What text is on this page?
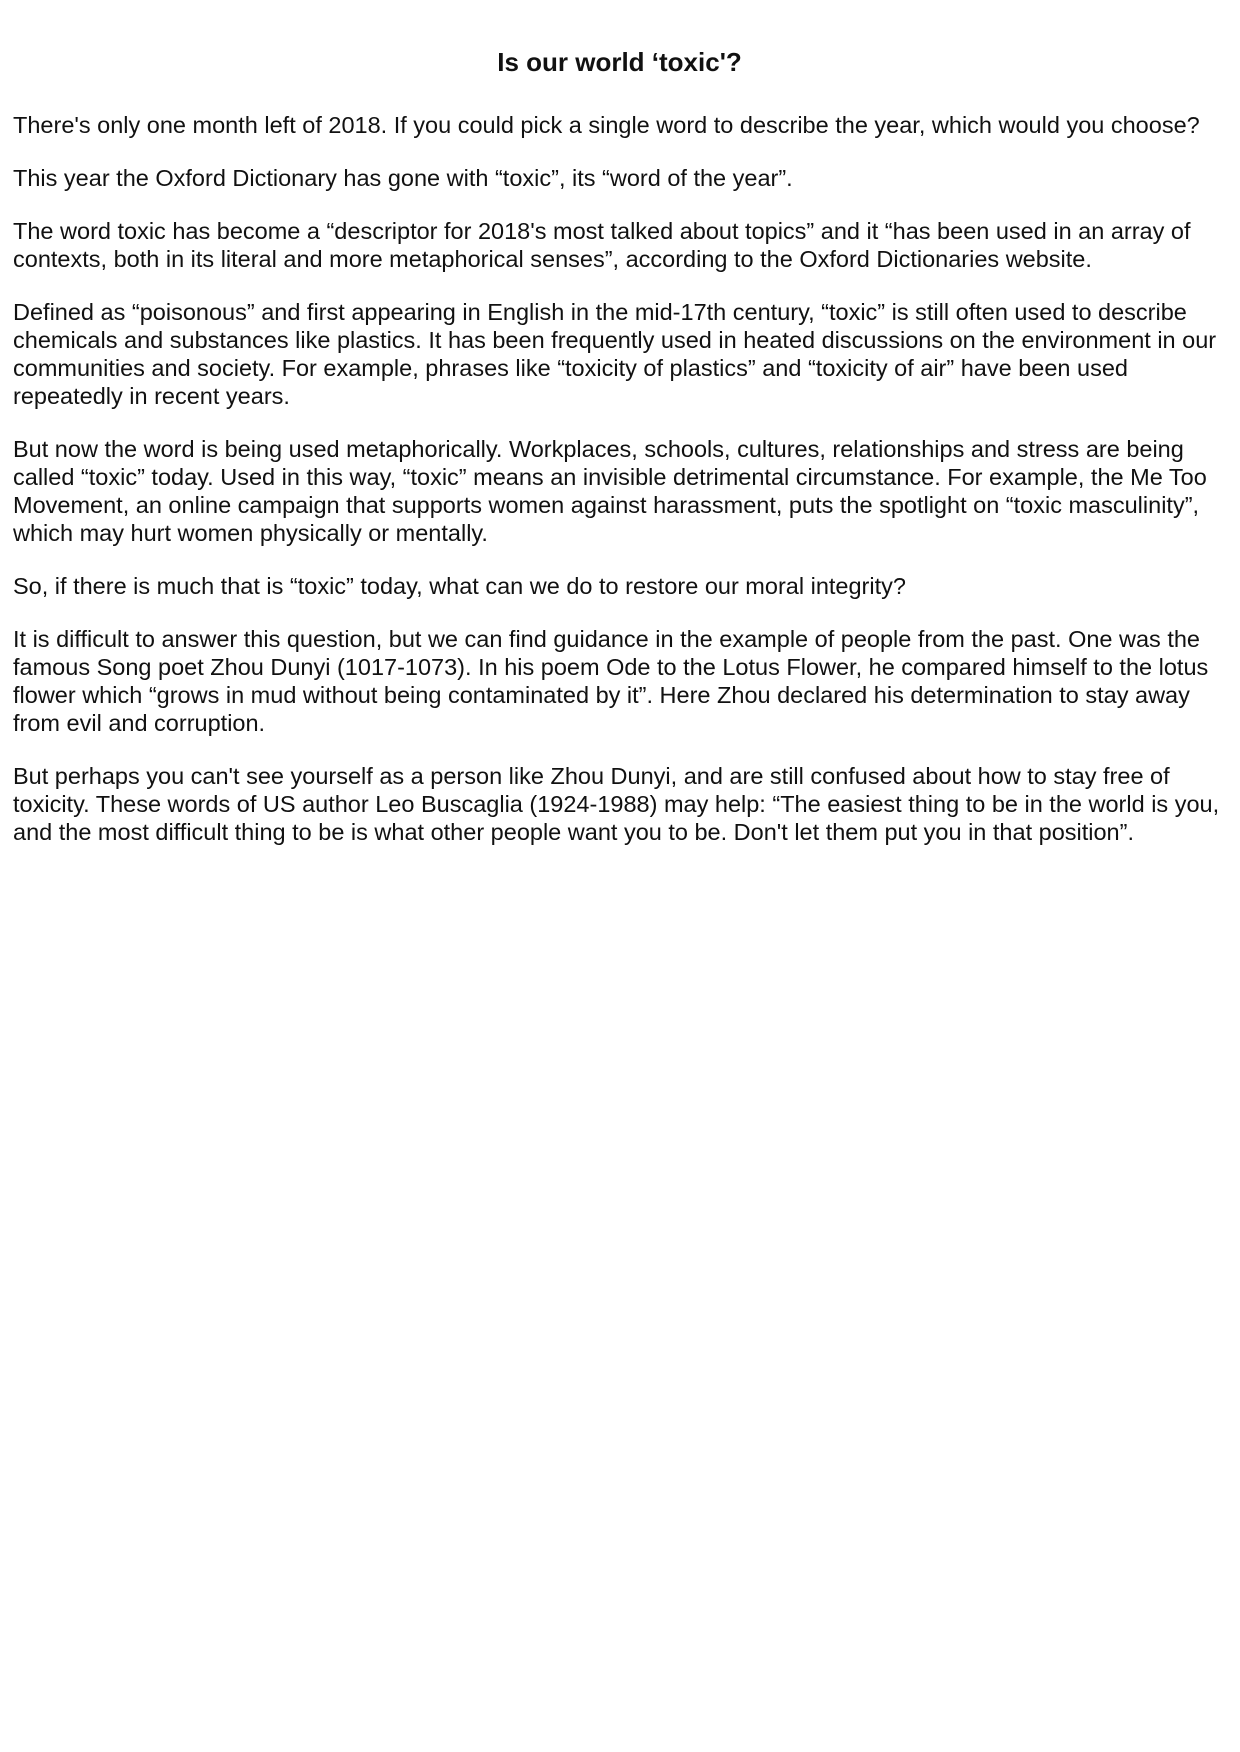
Is our world ‘toxic'?

There's only one month left of 2018. If you could pick a single word to describe the year, which would you choose?

This year the Oxford Dictionary has gone with “toxic”, its “word of the year”.

The word toxic has become a “descriptor for 2018's most talked about topics” and it “has been used in an array of contexts, both in its literal and more metaphorical senses”, according to the Oxford Dictionaries website.

Defined as “poisonous” and first appearing in English in the mid-17th century, “toxic” is still often used to describe chemicals and substances like plastics. It has been frequently used in heated discussions on the environment in our communities and society. For example, phrases like “toxicity of plastics” and “toxicity of air” have been used repeatedly in recent years.

But now the word is being used metaphorically. Workplaces, schools, cultures, relationships and stress are being called “toxic” today. Used in this way, “toxic” means an invisible detrimental circumstance. For example, the Me Too Movement, an online campaign that supports women against harassment, puts the spotlight on “toxic masculinity”, which may hurt women physically or mentally.

So, if there is much that is “toxic” today, what can we do to restore our moral integrity?

It is difficult to answer this question, but we can find guidance in the example of people from the past. One was the famous Song poet Zhou Dunyi (1017-1073). In his poem Ode to the Lotus Flower, he compared himself to the lotus flower which “grows in mud without being contaminated by it”. Here Zhou declared his determination to stay away from evil and corruption.

But perhaps you can't see yourself as a person like Zhou Dunyi, and are still confused about how to stay free of toxicity. These words of US author Leo Buscaglia (1924-1988) may help: “The easiest thing to be in the world is you, and the most difficult thing to be is what other people want you to be. Don't let them put you in that position”.
